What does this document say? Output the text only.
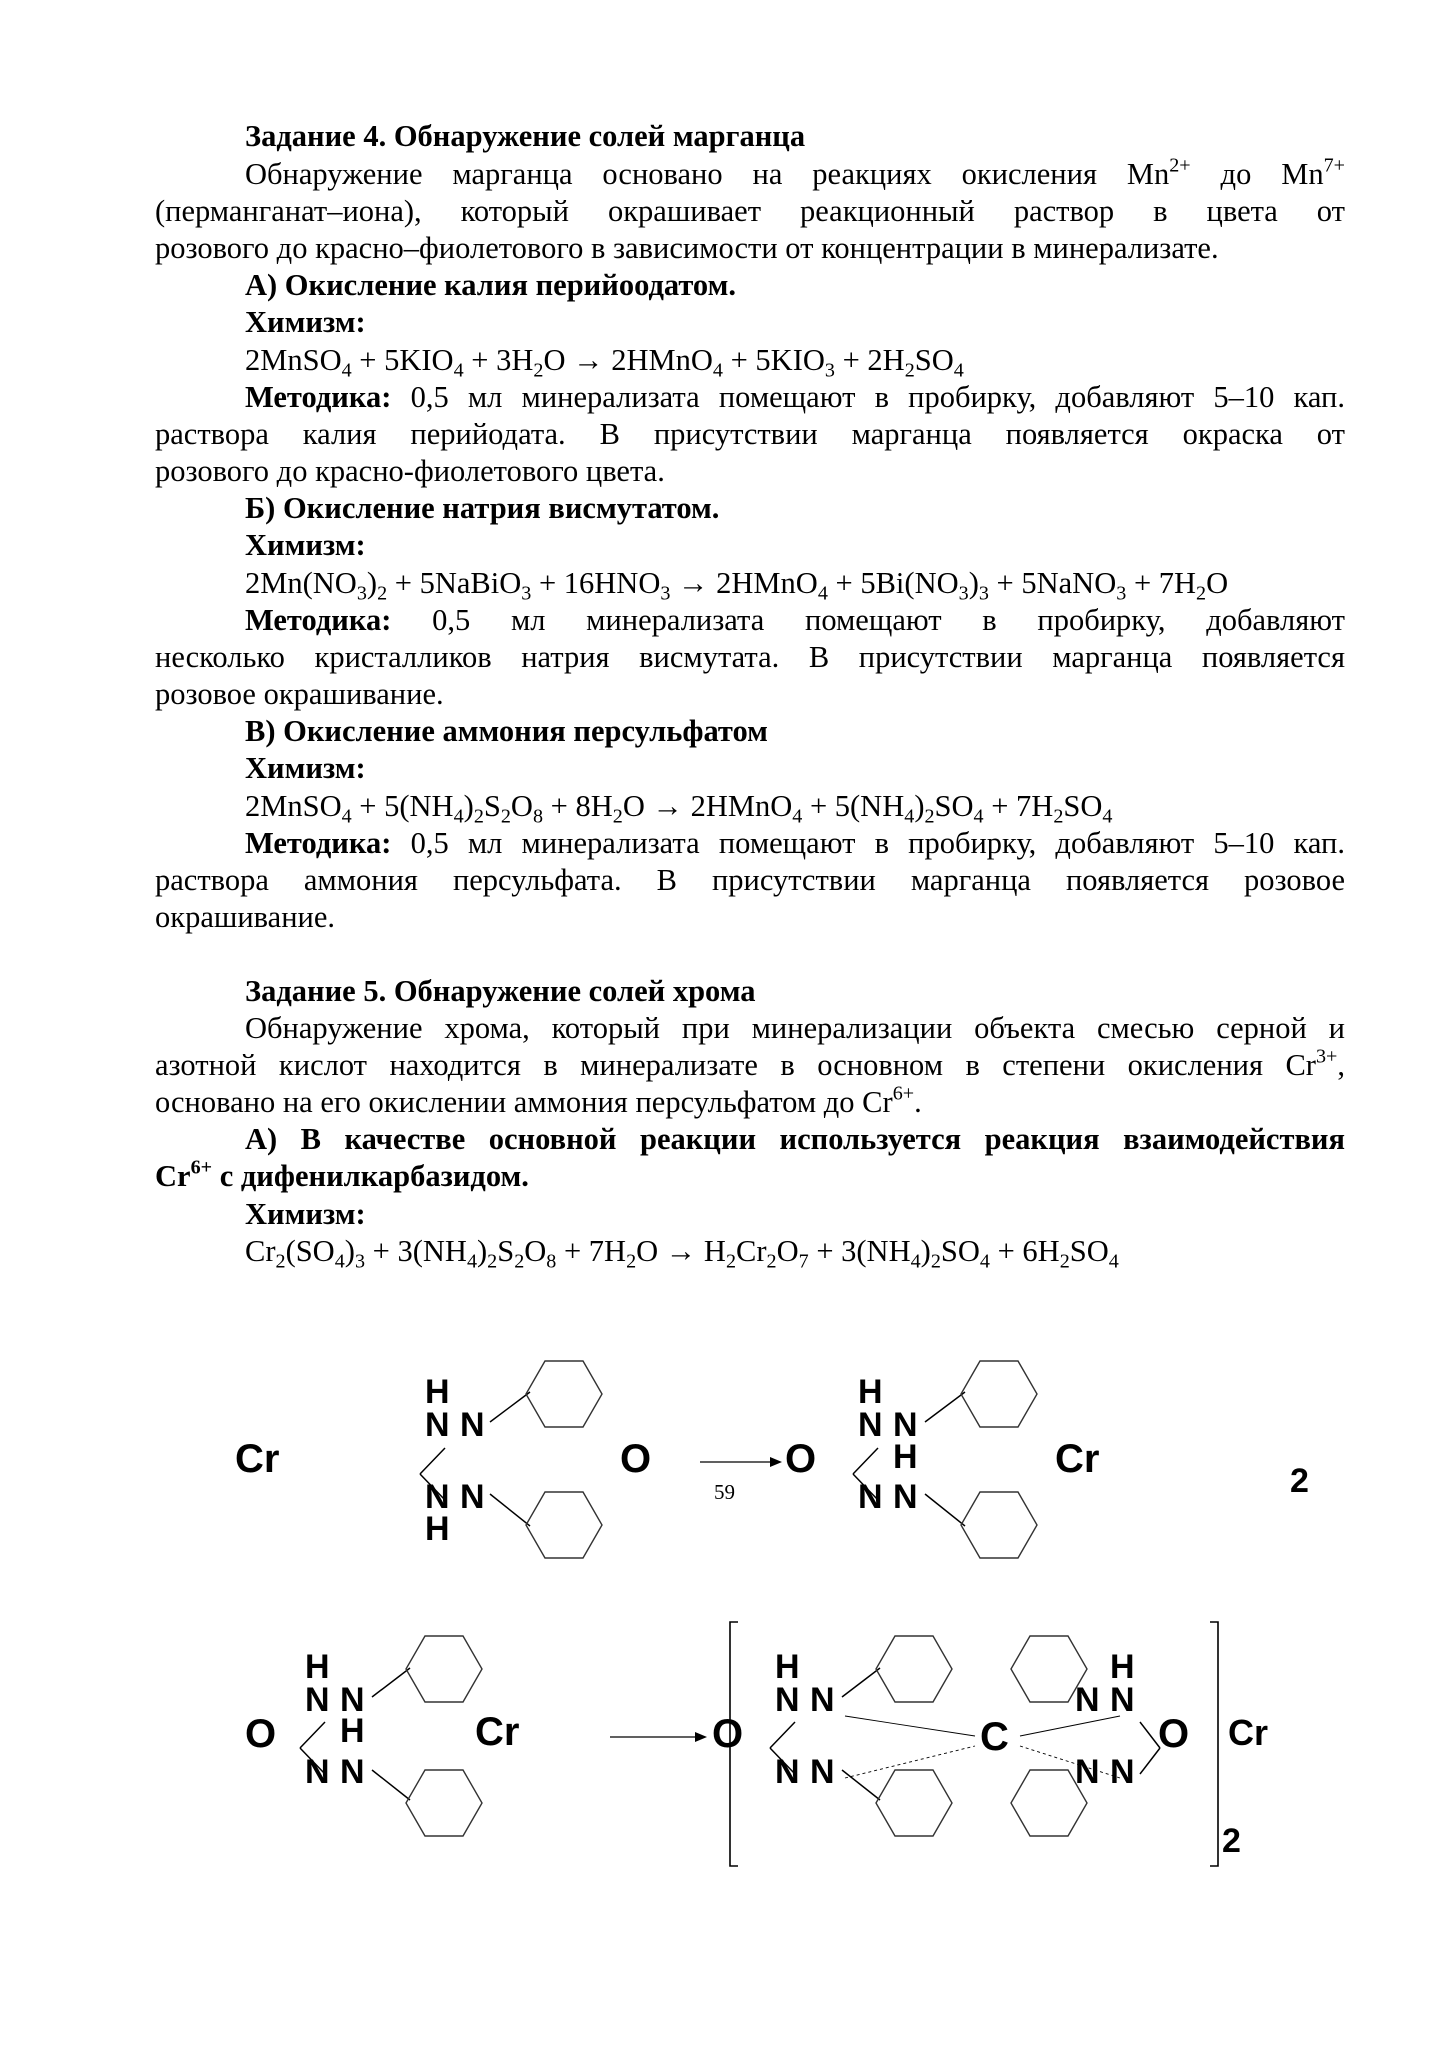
Задание 4. Обнаружение солей марганца
Обнаружение марганца основано на реакциях окисления $Mn^{2+}$ до $Mn^{7+}$
(перманганат–иона), который окрашивает реакционный раствор в цвета от
розового до красно–фиолетового в зависимости от концентрации в минерализате.
А) Окисление калия перийоодатом.
Химизм:
2MnSO$_4$ + $5KIO_4 + 3H_2O$ → 2HMnO$_4$ + $5KIO_3 + 2H_2SO_4$
Методика: 0,5 мл минерализата помещают в пробирку, добавляют 5–10 кап.
раствора калия перийодата. В присутствии марганца появляется окраска от
розового до красно-фиолетового цвета.
Б) Окисление натрия висмутатом.
Химизм:
$2Mn(NO_3)_2$ + 5NaBiO$_3$ + $16HNO_3$ → 2HMnO$_4$ + $5Bi(NO_3)_3$ + 5NaNO$_3$ + $7H_2O$
Методика: 0,5 мл минерализата помещают в пробирку, добавляют
несколько кристалликов натрия висмутата. В присутствии марганца появляется
розовое окрашивание.
В) Окисление аммония персульфатом
Химизм:
2MnSO$_4$ + $5(NH_4)_2S_2O_8 + 8H_2O$ → 2HMnO$_4$ + $5(NH_4)_2SO_4 + 7H_2SO_4$
Методика: 0,5 мл минерализата помещают в пробирку, добавляют 5–10 кап.
раствора аммония персульфата. В присутствии марганца появляется розовое
окрашивание.
Задание 5. Обнаружение солей хрома
Обнаружение хрома, который при минерализации объекта смесью серной и
азотной кислот находится в минерализате в основном в степени окисления $Cr^{3+}$,
основано на его окислении аммония персульфатом до $Cr^{6+}$.
А) В качестве основной реакции используется реакция взаимодействия
$Cr^{6+}$ с дифенилкарбазидом.
Химизм:
$Cr_2(SO_4)_3 + 3(NH_4)_2S_2O_8 + 7H_2O \to H_2Cr_2O_7 + 3(NH_4)_2SO_4 + 6H_2SO_4$
H
N N
N N
H
Cr	O	O
H
N N
H
N N
Cr	2
O
H
N N
H
N N
Cr	O
H
N N
N N
C
H
N N
N N
O
2
Cr
59
